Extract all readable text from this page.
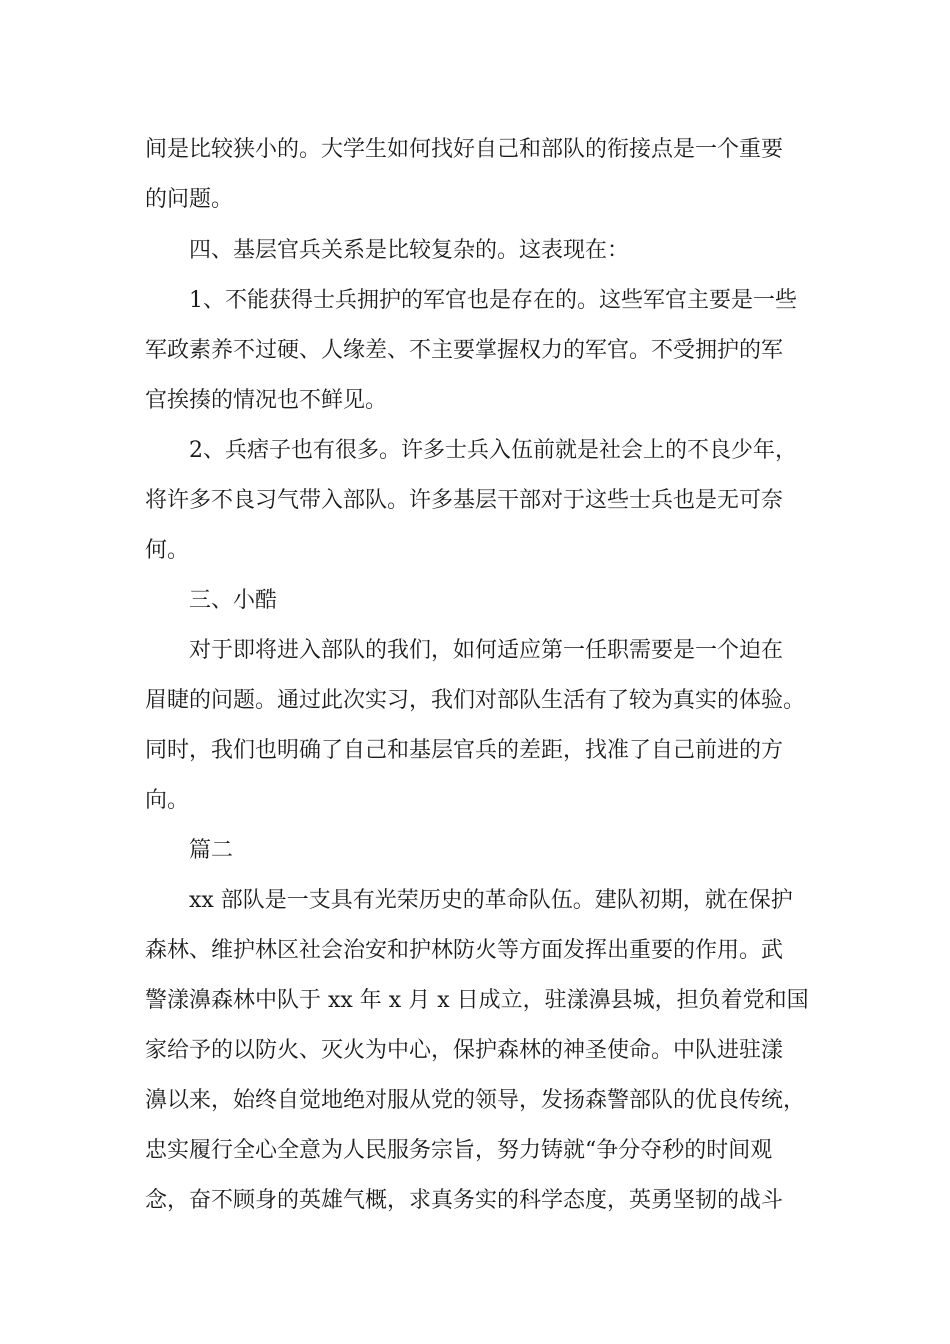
间是比较狭小的。大学生如何找好自己和部队的衔接点是一个重要
的问题。
四、基层官兵关系是比较复杂的。这表现在：
1、不能获得士兵拥护的军官也是存在的。这些军官主要是一些
军政素养不过硬、人缘差、不主要掌握权力的军官。不受拥护的军
官挨揍的情况也不鲜见。
2、兵痞子也有很多。许多士兵入伍前就是社会上的不良少年，
将许多不良习气带入部队。许多基层干部对于这些士兵也是无可奈
何。
三、小酷
对于即将进入部队的我们，如何适应第一任职需要是一个迫在
眉睫的问题。通过此次实习，我们对部队生活有了较为真实的体验。
同时，我们也明确了自己和基层官兵的差距，找准了自己前进的方
向。
篇二
xx 部队是一支具有光荣历史的革命队伍。建队初期，就在保护
森林、维护林区社会治安和护林防火等方面发挥出重要的作用。武
警漾濞森林中队于 xx 年 x 月 x 日成立，驻漾濞县城，担负着党和国
家给予的以防火、灭火为中心，保护森林的神圣使命。中队进驻漾
濞以来，始终自觉地绝对服从党的领导，发扬森警部队的优良传统，
忠实履行全心全意为人民服务宗旨，努力铸就“争分夺秒的时间观
念，奋不顾身的英雄气概，求真务实的科学态度，英勇坚韧的战斗
